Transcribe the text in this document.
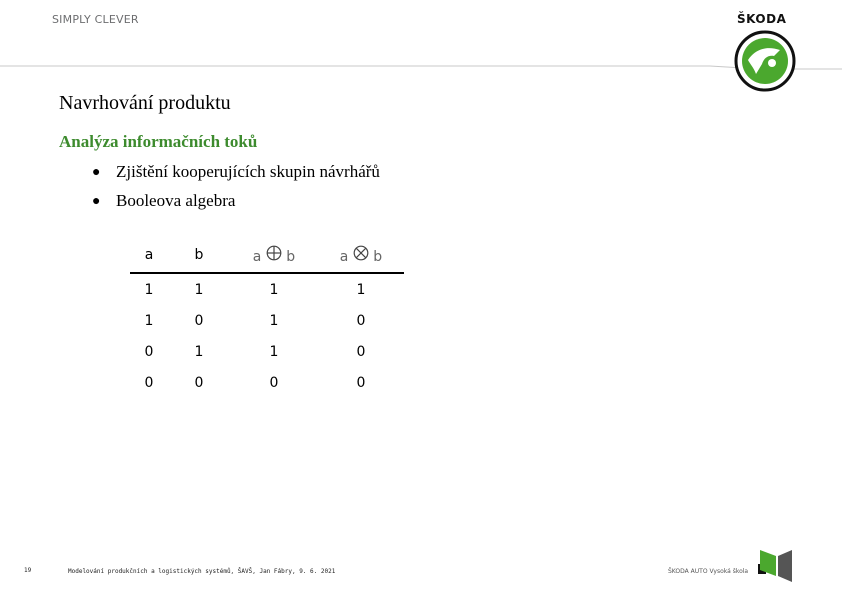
SIMPLY CLEVER	ŠKODA
Navrhování produktu
Analýza informačních toků
● Zjištění kooperujících skupin návrhářů
● Booleova algebra
a	b	a b	a b
1	1	1	1
1	0	1	0
0	1	1	0
0	0	0	0
19	Modelování produkčních a logistických systémů, ŠAVŠ, Jan Fábry, 9. 6. 2021	ŠKODA AUTO Vysoká škola
